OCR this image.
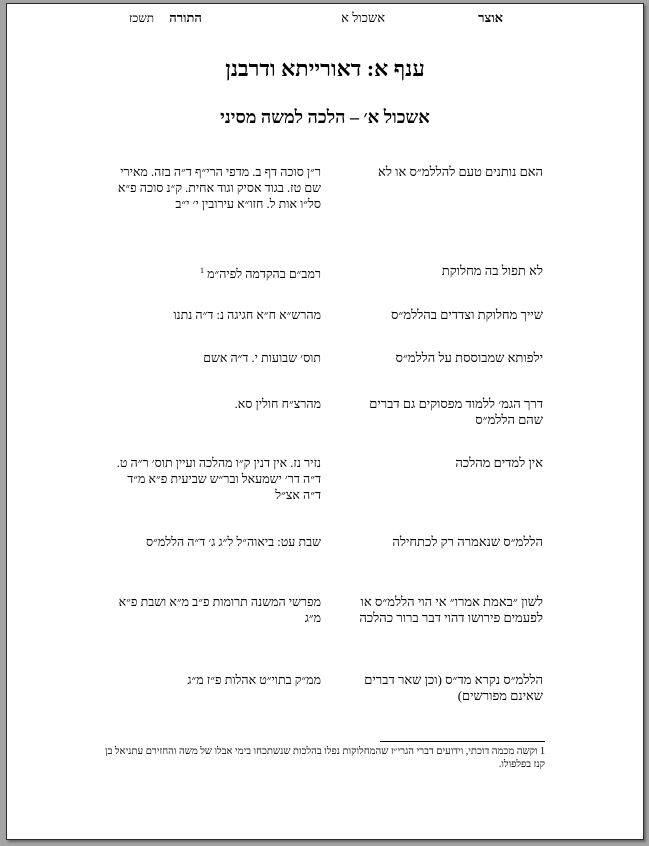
אוצר
אשכול א
התורה תשכז
ענף א: דאורייתא ודרבנן
אשכול א׳ – הלכה למשה מסיני
האם נותנים טעם להללמ״ס או לא
ר״ן סוכה דף ב. מדפי הרי״ף ד״ה בזה. מאירי שם טז. בגוד אסיק וגוד אחית. ק״נ סוכה פ״א סל״ו אות ל. חזו״א עירובין י׳ י״ב
לא תפול בה מחלוקת
רמב״ם בהקדמה לפיה״מ $^1$
שייך מחלוקת וצדדים בהללמ״ס
מהרש״א ח״א חגיגה נ: ד״ה נתנו
ילפותא שמבוססת על הללמ״ס
תוס׳ שבועות י. ד״ה אשם
דרך הגמ׳ ללמוד מפסוקים גם דברים שהם הללמ״ס
מהרצ״ח חולין סא.
אין למדים מהלכה
נזיר נז. אין דנין ק״ו מהלכה ועיין תוס׳ ר״ה ט. ד״ה דר׳ ישמעאל ובר״ש שביעית פ״א מ״ד ד״ה אצ״ל
הללמ״ס שנאמרה רק לכתחילה
שבת עט: ביאוה״ל ל״ג ג׳ ד״ה הללמ״ס
לשון ״באמת אמרו״ אי הוי הללמ״ס או לפעמים פירושו דהוי דבר ברור כהלכה
מפרשי המשנה תרומות פ״ב מ״א ושבת פ״א מ״ג
הללמ״ס נקרא מד״ס (וכן שאר דברים שאינם מפורשים)
ממ״ק בתוי״ט אהלות פ״ז מ״ג
1 וקשה מכמה דוכתי, וידועים דברי הגרי״ז שהמחלוקות נפלו בהלכות שנשתכחו בימי אבלו של משה והחזירם עתניאל בן קנז בפלפולו.
